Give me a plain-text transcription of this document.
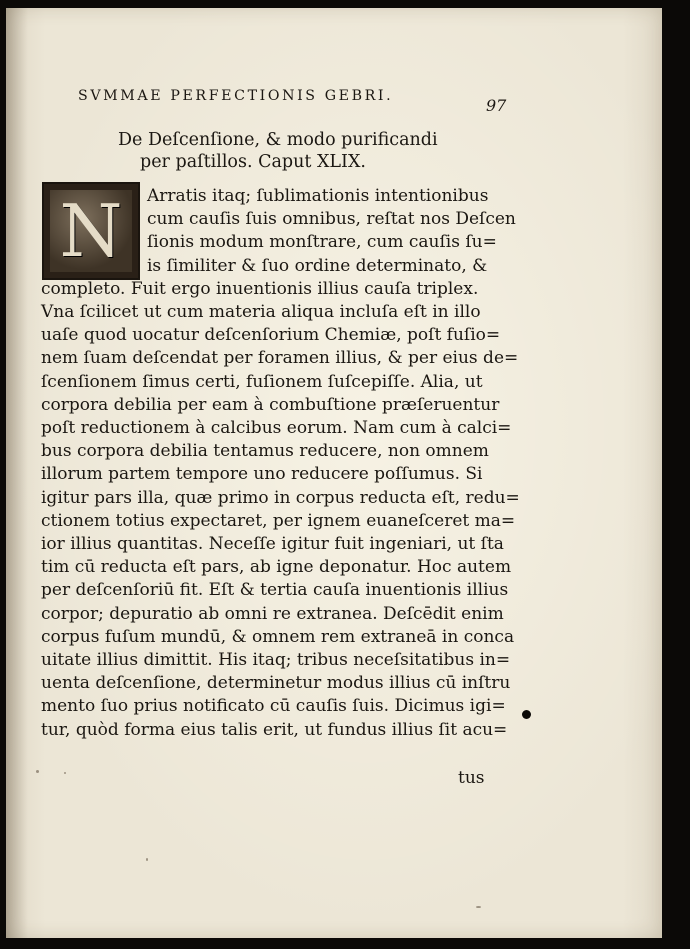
SVMMAE PERFECTIONIS GEBRI.	97
De Deſcenſione, & modo purificandi
per paſtillos. Caput XLIX.
N	Arratis itaq; ſublimationis intentionibus
cum cauſis ſuis omnibus, reſtat nos Deſcen
ſionis modum monſtrare, cum cauſis ſu=
is ſimiliter & ſuo ordine determinato, &
completo. Fuit ergo inuentionis illius cauſa triplex.
Vna ſcilicet ut cum materia aliqua incluſa eſt in illo
uaſe quod uocatur deſcenſorium Chemiæ, poſt fuſio=
nem ſuam deſcendat per foramen illius, & per eius de=
ſcenſionem ſimus certi, fuſionem ſuſcepiſſe. Alia, ut
corpora debilia per eam à combuſtione præſeruentur
poſt reductionem à calcibus eorum. Nam cum à calci=
bus corpora debilia tentamus reducere, non omnem
illorum partem tempore uno reducere poſſumus. Si
igitur pars illa, quæ primo in corpus reducta eſt, redu=
ctionem totius expectaret, per ignem euaneſceret ma=
ior illius quantitas. Neceſſe igitur fuit ingeniari, ut ſta
tim cū reducta eſt pars, ab igne deponatur. Hoc autem
per deſcenſoriū fit. Eſt & tertia cauſa inuentionis illius
corpor; depuratio ab omni re extranea. Deſcēdit enim
corpus fuſum mundū, & omnem rem extraneā in conca
uitate illius dimittit. His itaq; tribus neceſsitatibus in=
uenta deſcenſione, determinetur modus illius cū inſtru
mento ſuo prius notificato cū cauſis ſuis. Dicimus igi=
tur, quòd forma eius talis erit, ut fundus illius ſit acu=
tus
